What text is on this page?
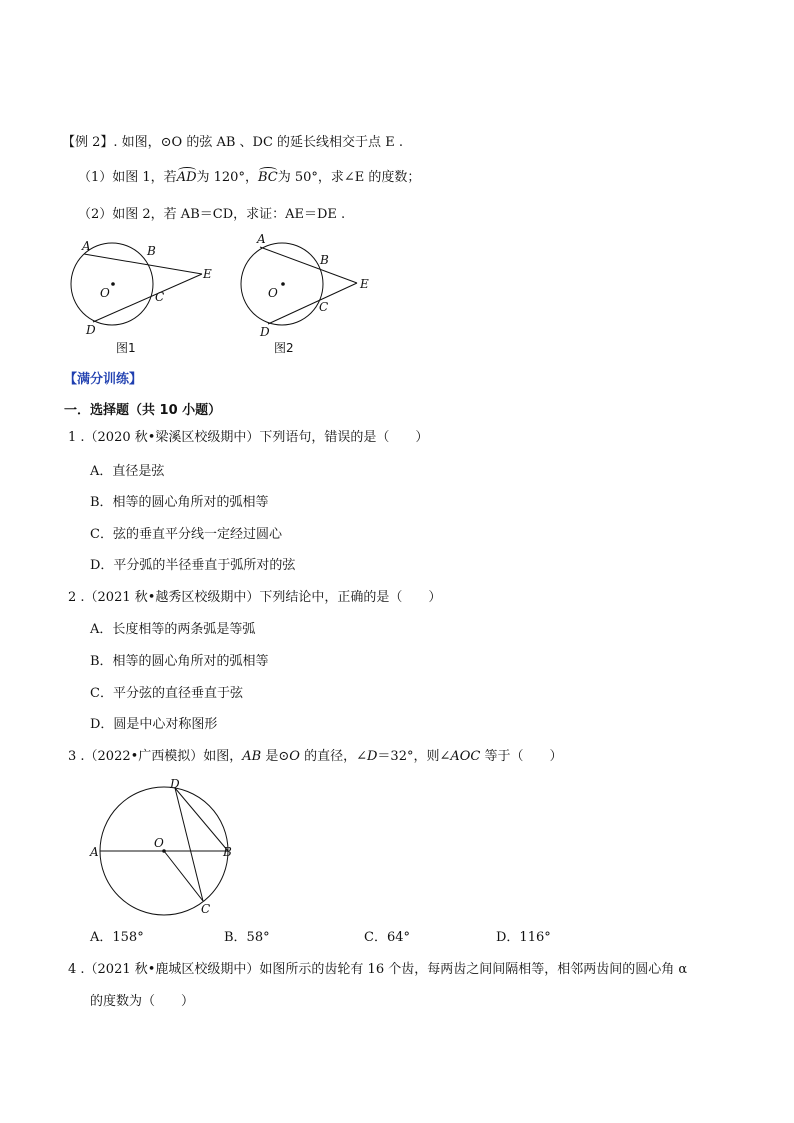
【例 2】. 如图，⊙O 的弦 AB 、DC 的延长线相交于点 E .
（1）如图 1，若AD为 120°，BC为 50°，求∠E 的度数；
（2）如图 2，若 AB＝CD，求证：AE＝DE .
A	B
C
D
E
O
图1
A
B
C
D
E
O
图2
【满分训练】
一．选择题（共 10 小题）
1 .（2020 秋•梁溪区校级期中）下列语句，错误的是（　　）
A．直径是弦
B．相等的圆心角所对的弧相等
C．弦的垂直平分线一定经过圆心
D．平分弧的半径垂直于弧所对的弦
2 .（2021 秋•越秀区校级期中）下列结论中，正确的是（　　）
A．长度相等的两条弧是等弧
B．相等的圆心角所对的弧相等
C．平分弦的直径垂直于弦
D．圆是中心对称图形
3 .（2022•广西模拟）如图，AB 是⊙O 的直径，∠D＝32°，则∠AOC 等于（　　）
A	B
C
D
O
A．158°	B．58°	C．64°	D．116°
4 .（2021 秋•鹿城区校级期中）如图所示的齿轮有 16 个齿，每两齿之间间隔相等，相邻两齿间的圆心角 α
的度数为（　　）
